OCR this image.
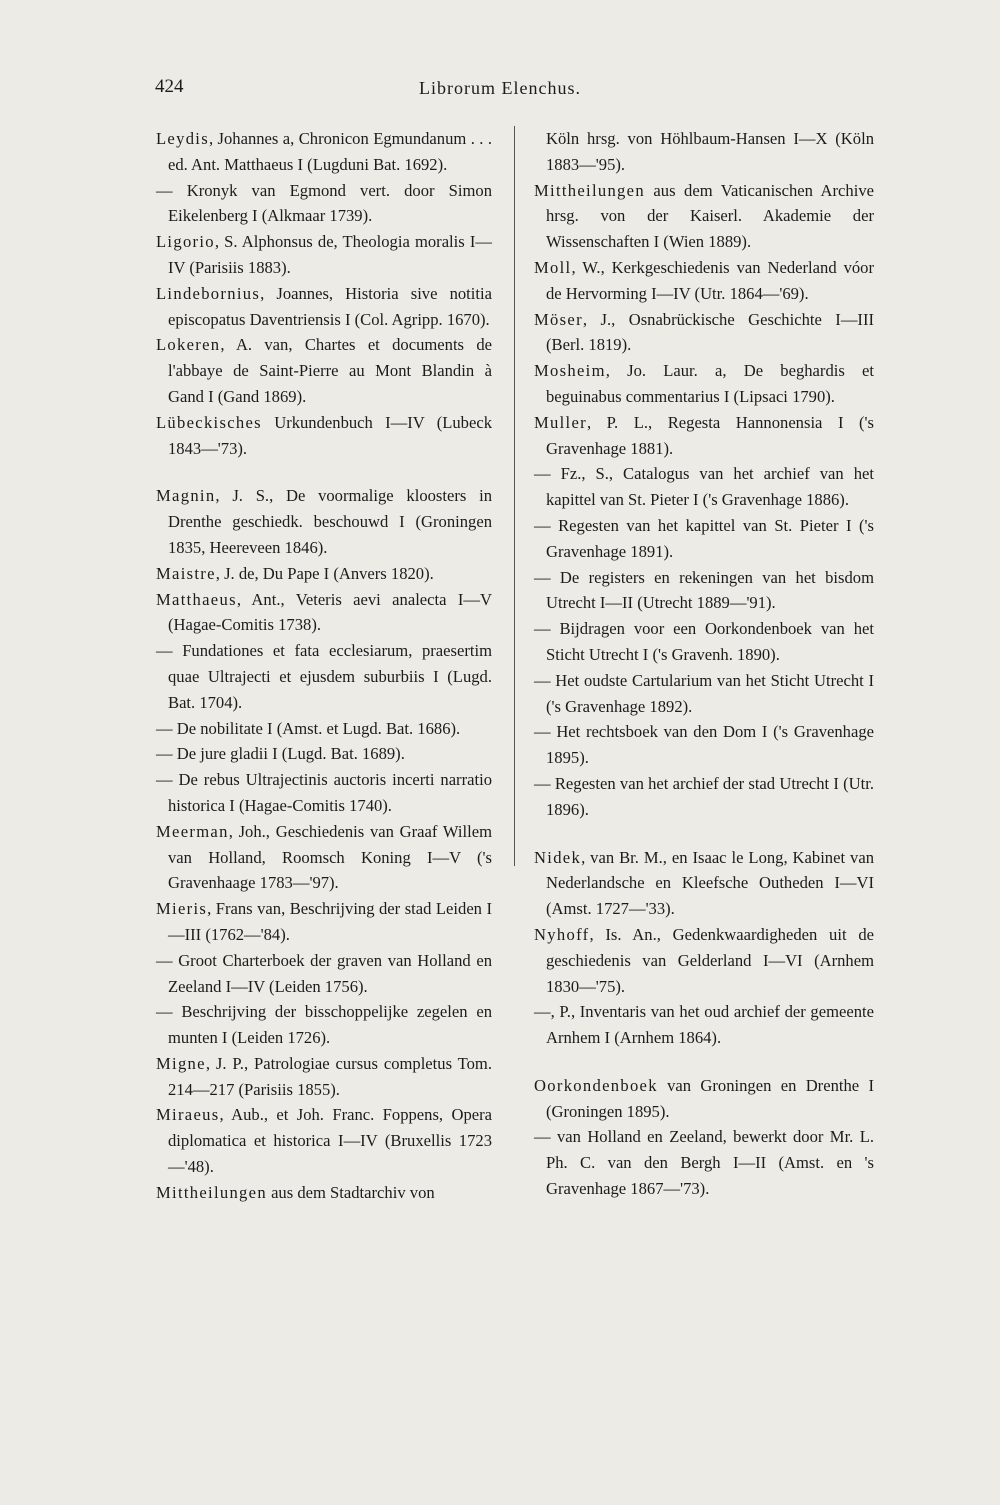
424	Librorum Elenchus.

Leydis, Johannes a, Chronicon Egmundanum . . . ed. Ant. Matthaeus I (Lugduni Bat. 1692).

— Kronyk van Egmond vert. door Simon Eikelenberg I (Alkmaar 1739).

Ligorio, S. Alphonsus de, Theologia moralis I—IV (Parisiis 1883).

Lindebornius, Joannes, Historia sive notitia episcopatus Daventriensis I (Col. Agripp. 1670).

Lokeren, A. van, Chartes et documents de l'abbaye de Saint-Pierre au Mont Blandin à Gand I (Gand 1869).

Lübeckisches Urkundenbuch I—IV (Lubeck 1843—'73).

Magnin, J. S., De voormalige kloosters in Drenthe geschiedk. beschouwd I (Groningen 1835, Heereveen 1846).

Maistre, J. de, Du Pape I (Anvers 1820).

Matthaeus, Ant., Veteris aevi analecta I—V (Hagae-Comitis 1738).

— Fundationes et fata ecclesiarum, praesertim quae Ultrajecti et ejusdem suburbiis I (Lugd. Bat. 1704).

— De nobilitate I (Amst. et Lugd. Bat. 1686).

— De jure gladii I (Lugd. Bat. 1689).

— De rebus Ultrajectinis auctoris incerti narratio historica I (Hagae-Comitis 1740).

Meerman, Joh., Geschiedenis van Graaf Willem van Holland, Roomsch Koning I—V ('s Gravenhaage 1783—'97).

Mieris, Frans van, Beschrijving der stad Leiden I—III (1762—'84).

— Groot Charterboek der graven van Holland en Zeeland I—IV (Leiden 1756).

— Beschrijving der bisschoppelijke zegelen en munten I (Leiden 1726).

Migne, J. P., Patrologiae cursus completus Tom. 214—217 (Parisiis 1855).

Miraeus, Aub., et Joh. Franc. Foppens, Opera diplomatica et historica I—IV (Bruxellis 1723—'48).

Mittheilungen aus dem Stadtarchiv von

Köln hrsg. von Höhlbaum-Hansen I—X (Köln 1883—'95).

Mittheilungen aus dem Vaticanischen Archive hrsg. von der Kaiserl. Akademie der Wissenschaften I (Wien 1889).

Moll, W., Kerkgeschiedenis van Nederland vóor de Hervorming I—IV (Utr. 1864—'69).

Möser, J., Osnabrückische Geschichte I—III (Berl. 1819).

Mosheim, Jo. Laur. a, De beghardis et beguinabus commentarius I (Lipsaci 1790).

Muller, P. L., Regesta Hannonensia I ('s Gravenhage 1881).

— Fz., S., Catalogus van het archief van het kapittel van St. Pieter I ('s Gravenhage 1886).

— Regesten van het kapittel van St. Pieter I ('s Gravenhage 1891).

— De registers en rekeningen van het bisdom Utrecht I—II (Utrecht 1889—'91).

— Bijdragen voor een Oorkondenboek van het Sticht Utrecht I ('s Gravenh. 1890).

— Het oudste Cartularium van het Sticht Utrecht I ('s Gravenhage 1892).

— Het rechtsboek van den Dom I ('s Gravenhage 1895).

— Regesten van het archief der stad Utrecht I (Utr. 1896).

Nidek, van Br. M., en Isaac le Long, Kabinet van Nederlandsche en Kleefsche Outheden I—VI (Amst. 1727—'33).

Nyhoff, Is. An., Gedenkwaardigheden uit de geschiedenis van Gelderland I—VI (Arnhem 1830—'75).

—, P., Inventaris van het oud archief der gemeente Arnhem I (Arnhem 1864).

Oorkondenboek van Groningen en Drenthe I (Groningen 1895).

— van Holland en Zeeland, bewerkt door Mr. L. Ph. C. van den Bergh I—II (Amst. en 's Gravenhage 1867—'73).
